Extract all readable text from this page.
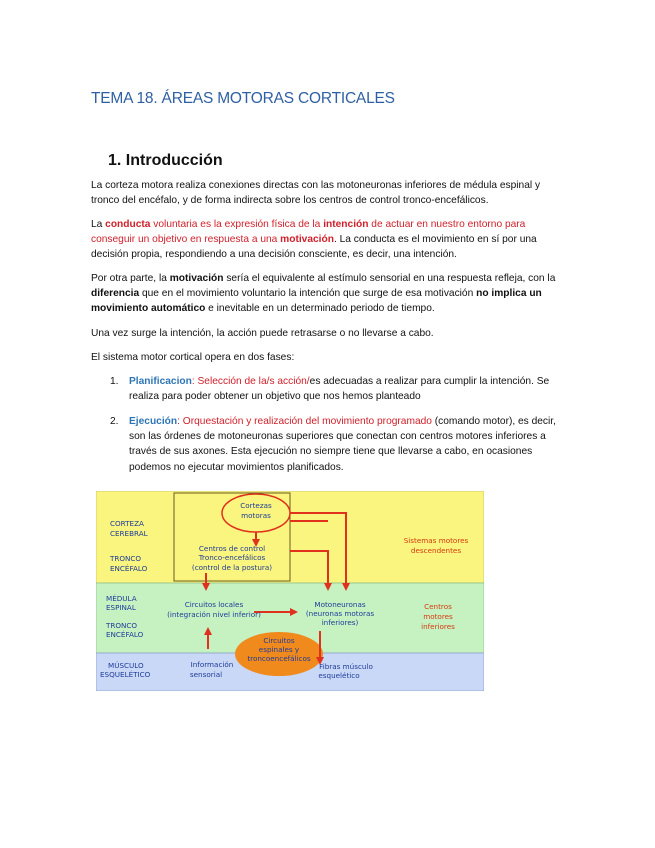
TEMA 18. ÁREAS MOTORAS CORTICALES
1. Introducción
La corteza motora realiza conexiones directas con las motoneuronas inferiores de médula espinal y tronco del encéfalo, y de forma indirecta sobre los centros de control tronco-encefálicos.
La conducta voluntaria es la expresión física de la intención de actuar en nuestro entorno para conseguir un objetivo en respuesta a una motivación. La conducta es el movimiento en sí por una decisión propia, respondiendo a una decisión consciente, es decir, una intención.
Por otra parte, la motivación sería el equivalente al estímulo sensorial en una respuesta refleja, con la diferencia que en el movimiento voluntario la intención que surge de esa motivación no implica un movimiento automático e inevitable en un determinado periodo de tiempo.
Una vez surge la intención, la acción puede retrasarse o no llevarse a cabo.
El sistema motor cortical opera en dos fases:
1. Planificacion: Selección de la/s acción/es adecuadas a realizar para cumplir la intención. Se realiza para poder obtener un objetivo que nos hemos planteado
2. Ejecución: Orquestación y realización del movimiento programado (comando motor), es decir, son las órdenes de motoneuronas superiores que conectan con centros motores inferiores a través de sus axones. Esta ejecución no siempre tiene que llevarse a cabo, en ocasiones podemos no ejecutar movimientos planificados.
CORTEZA
CEREBRAL
TRONCO
ENCÉFALO
MÉDULA
ESPINAL
TRONCO
ENCÉFALO
MÚSCULO
ESQUELÉTICO
Cortezas
motoras
Centros de control
Tronco-encefálicos
(control de la postura)
Circuitos locales
(integración nivel inferior)
Motoneuronas
(neuronas motoras
inferiores)
Circuitos
espinales y
troncoencefálicos
Información
sensorial
Fibras músculo
esquelético
Sistemas motores
descendentes
Centros
motores
inferiores
